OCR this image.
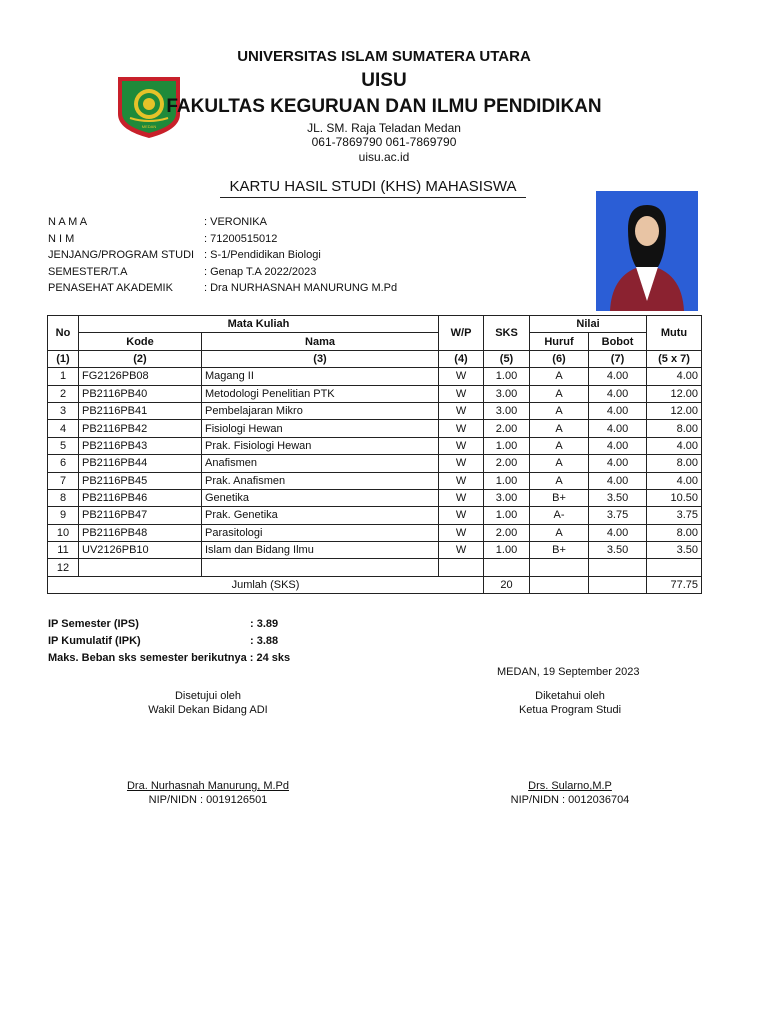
MEDAN
UNIVERSITAS ISLAM SUMATERA UTARA
UISU
FAKULTAS KEGURUAN DAN ILMU PENDIDIKAN
JL. SM. Raja Teladan Medan
061-7869790 061-7869790
uisu.ac.id
KARTU HASIL STUDI (KHS) MAHASISWA
N A M A	: VERONIKA
N I M	: 71200515012
JENJANG/PROGRAM STUDI : S-1/Pendidikan Biologi
SEMESTER/T.A	: Genap T.A 2022/2023
PENASEHAT AKADEMIK	: Dra NURHASNAH MANURUNG M.Pd
No	Mata Kuliah		W/P	SKS	Nilai		Mutu
	Kode	Nama			Huruf	Bobot	
(1)	(2)	(3)	(4)	(5)	(6)	(7)	(5 x 7)
1	FG2126PB08	Magang II	W	1.00	A	4.00	4.00
2	PB2116PB40	Metodologi Penelitian PTK	W	3.00	A	4.00	12.00
3	PB2116PB41	Pembelajaran Mikro	W	3.00	A	4.00	12.00
4	PB2116PB42	Fisiologi Hewan	W	2.00	A	4.00	8.00
5	PB2116PB43	Prak. Fisiologi Hewan	W	1.00	A	4.00	4.00
6	PB2116PB44	Anafismen	W	2.00	A	4.00	8.00
7	PB2116PB45	Prak. Anafismen	W	1.00	A	4.00	4.00
8	PB2116PB46	Genetika	W	3.00	B+	3.50	10.50
9	PB2116PB47	Prak. Genetika	W	1.00	A-	3.75	3.75
10	PB2116PB48	Parasitologi	W	2.00	A	4.00	8.00
11	UV2126PB10	Islam dan Bidang Ilmu	W	1.00	B+	3.50	3.50
12							
Jumlah (SKS)				20			77.75
IP Semester (IPS)	: 3.89
IP Kumulatif (IPK)	: 3.88
Maks. Beban sks semester berikutnya : 24 sks
MEDAN, 19 September 2023
Disetujui oleh
Wakil Dekan Bidang ADI
Dra. Nurhasnah Manurung, M.Pd
NIP/NIDN : 0019126501
Diketahui oleh
Ketua Program Studi
Drs. Sularno,M.P
NIP/NIDN : 0012036704
